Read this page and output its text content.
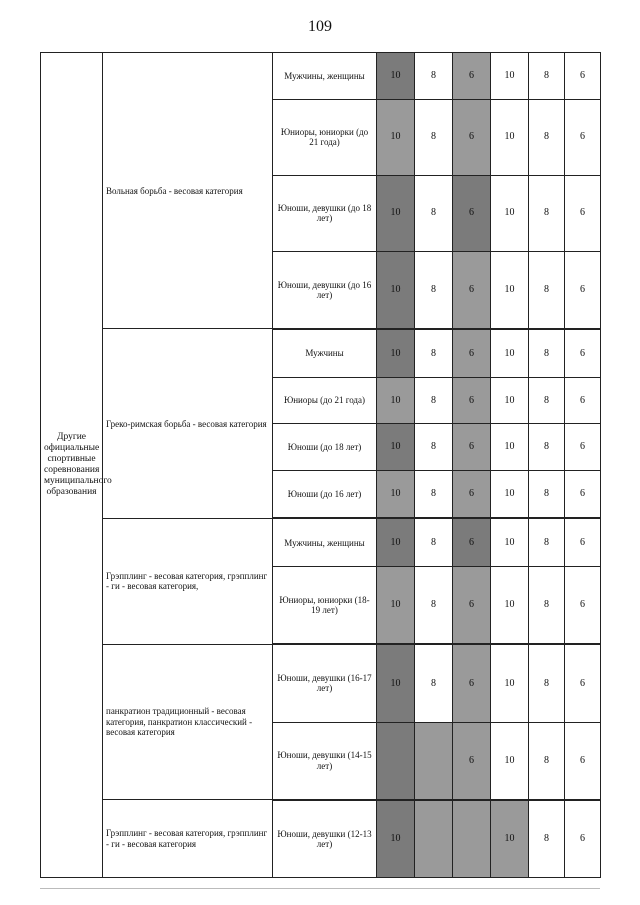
109
Другие официальные спортивные соревнования муниципального образования	Вольная борьба - весовая категория	Мужчины, женщины	10	8	6	10	8	6
		Юниоры, юниорки (до 21 года)	10	8	6	10	8	6
		Юноши, девушки (до 18 лет)	10	8	6	10	8	6
		Юноши, девушки (до 16 лет)	10	8	6	10	8	6
	Греко-римская борьба - весовая категория	Мужчины	10	8	6	10	8	6
		Юниоры (до 21 года)	10	8	6	10	8	6
		Юноши (до 18 лет)	10	8	6	10	8	6
		Юноши (до 16 лет)	10	8	6	10	8	6
	Грэпплинг - весовая категория, грэпплинг - ги - весовая категория,	Мужчины, женщины	10	8	6	10	8	6
		Юниоры, юниорки (18-19 лет)	10	8	6	10	8	6
	панкратион традиционный - весовая категория, панкратион классический - весовая категория	Юноши, девушки (16-17 лет)	10	8	6	10	8	6
		Юноши, девушки (14-15 лет)			6	10	8	6
	Грэпплинг - весовая категория, грэпплинг - ги - весовая категория	Юноши, девушки (12-13 лет)	10			10	8	6
